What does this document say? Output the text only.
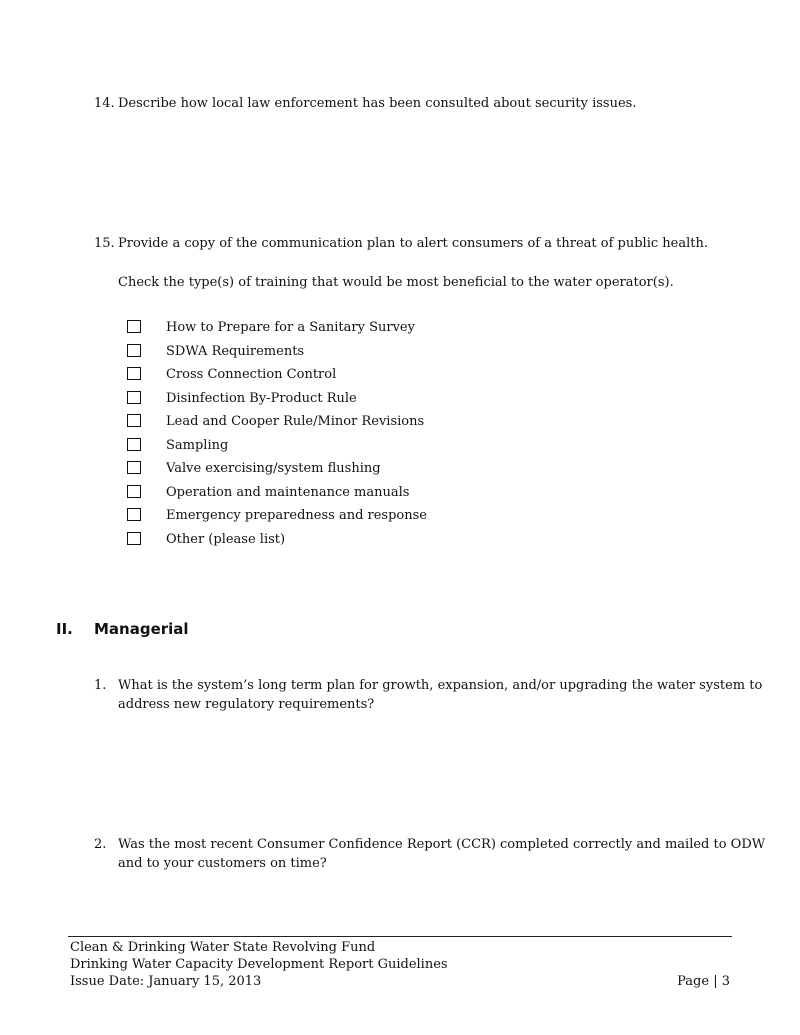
14. Describe how local law enforcement has been consulted about security issues.
15. Provide a copy of the communication plan to alert consumers of a threat of public health.
Check the type(s) of training that would be most beneficial to the water operator(s).
How to Prepare for a Sanitary Survey
SDWA Requirements
Cross Connection Control
Disinfection By-Product Rule
Lead and Cooper Rule/Minor Revisions
Sampling
Valve exercising/system flushing
Operation and maintenance manuals
Emergency preparedness and response
Other (please list)
II. Managerial
1. What is the system’s long term plan for growth, expansion, and/or upgrading the water system to
address new regulatory requirements?
2. Was the most recent Consumer Confidence Report (CCR) completed correctly and mailed to ODW
and to your customers on time?
Clean & Drinking Water State Revolving Fund
Drinking Water Capacity Development Report Guidelines
Issue Date: January 15, 2013	Page | 3
